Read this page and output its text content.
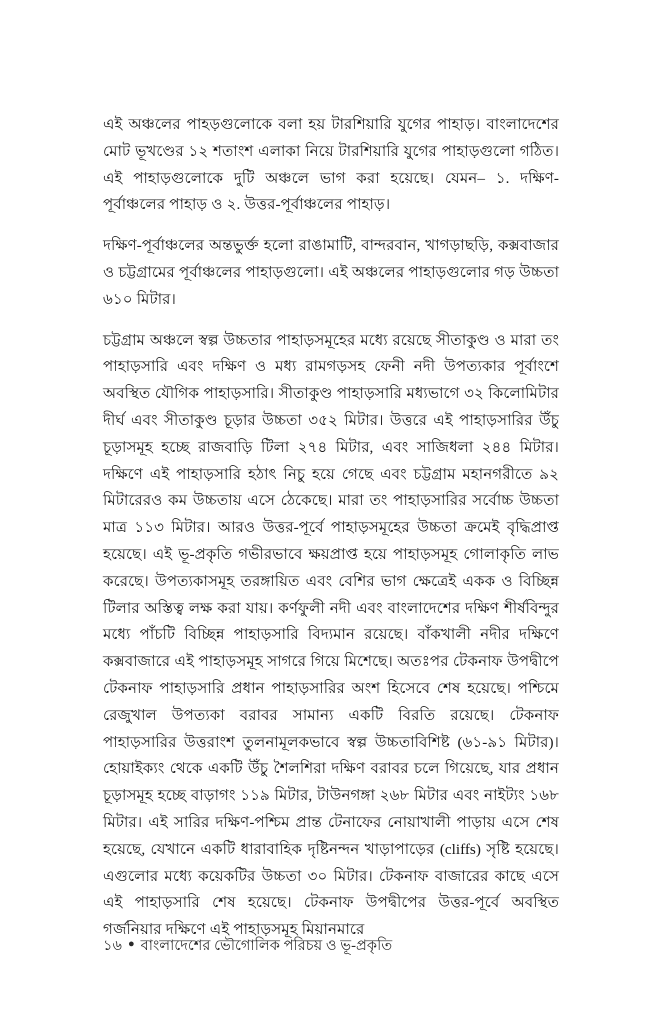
এই অঞ্চলের পাহড়গুলোকে বলা হয় টারশিয়ারি যুগের পাহাড়। বাংলাদেশের মোট ভূখণ্ডের ১২ শতাংশ এলাকা নিয়ে টারশিয়ারি যুগের পাহাড়গুলো গঠিত। এই পাহাড়গুলোকে দুটি অঞ্চলে ভাগ করা হয়েছে। যেমন– ১. দক্ষিণ-পূর্বাঞ্চলের পাহাড় ও ২. উত্তর-পূর্বাঞ্চলের পাহাড়।

দক্ষিণ-পূর্বাঞ্চলের অন্তভুর্ক্ত হলো রাঙামাটি, বান্দরবান, খাগড়াছড়ি, কক্সবাজার ও চট্টগ্রামের পূর্বাঞ্চলের পাহাড়গুলো। এই অঞ্চলের পাহাড়গুলোর গড় উচ্চতা ৬১০ মিটার।

চট্টগ্রাম অঞ্চলে স্বল্প উচ্চতার পাহাড়সমূহের মধ্যে রয়েছে সীতাকুণ্ড ও মারা তং পাহাড়সারি এবং দক্ষিণ ও মধ্য রামগড়সহ ফেনী নদী উপত্যকার পূর্বাংশে অবস্থিত যৌগিক পাহাড়সারি। সীতাকুণ্ড পাহাড়সারি মধ্যভাগে ৩২ কিলোমিটার দীর্ঘ এবং সীতাকুণ্ড চূড়ার উচ্চতা ৩৫২ মিটার। উত্তরে এই পাহাড়সারির উঁচু চূড়াসমূহ হচ্ছে রাজবাড়ি টিলা ২৭৪ মিটার, এবং সাজিধলা ২৪৪ মিটার। দক্ষিণে এই পাহাড়সারি হঠাৎ নিচু হয়ে গেছে এবং চট্টগ্রাম মহানগরীতে ৯২ মিটারেরও কম উচ্চতায় এসে ঠেকেছে। মারা তং পাহাড়সারির সর্বোচ্চ উচ্চতা মাত্র ১১৩ মিটার। আরও উত্তর-পূর্বে পাহাড়সমূহের উচ্চতা ক্রমেই বৃদ্ধিপ্রাপ্ত হয়েছে। এই ভূ-প্রকৃতি গভীরভাবে ক্ষয়প্রাপ্ত হয়ে পাহাড়সমূহ গোলাকৃতি লাভ করেছে। উপত্যকাসমূহ তরঙ্গায়িত এবং বেশির ভাগ ক্ষেত্রেই একক ও বিচ্ছিন্ন টিলার অস্তিত্ব লক্ষ করা যায়। কর্ণফুলী নদী এবং বাংলাদেশের দক্ষিণ শীর্ষবিন্দুর মধ্যে পাঁচটি বিচ্ছিন্ন পাহাড়সারি বিদ্যমান রয়েছে। বাঁকখালী নদীর দক্ষিণে কক্সবাজারে এই পাহাড়সমূহ সাগরে গিয়ে মিশেছে। অতঃপর টেকনাফ উপদ্বীপে টেকনাফ পাহাড়সারি প্রধান পাহাড়সারির অংশ হিসেবে শেষ হয়েছে। পশ্চিমে রেজুখাল উপত্যকা বরাবর সামান্য একটি বিরতি রয়েছে। টেকনাফ পাহাড়সারির উত্তরাংশ তুলনামূলকভাবে স্বল্প উচ্চতাবিশিষ্ট (৬১-৯১ মিটার)। হোয়াইক্যং থেকে একটি উঁচু শৈলশিরা দক্ষিণ বরাবর চলে গিয়েছে, যার প্রধান চূড়াসমূহ হচ্ছে বাড়াগং ১১৯ মিটার, টাউনগঙ্গা ২৬৮ মিটার এবং নাইট্যং ১৬৮ মিটার। এই সারির দক্ষিণ-পশ্চিম প্রান্ত টেনাফের নোয়াখালী পাড়ায় এসে শেষ হয়েছে, যেখানে একটি ধারাবাহিক দৃষ্টিনন্দন খাড়াপাড়ের (cliffs) সৃষ্টি হয়েছে। এগুলোর মধ্যে কয়েকটির উচ্চতা ৩০ মিটার। টেকনাফ বাজারের কাছে এসে এই পাহাড়সারি শেষ হয়েছে। টেকনাফ উপদ্বীপের উত্তর-পূর্বে অবস্থিত গর্জনিয়ার দক্ষিণে এই পাহাড়সমূহ মিয়ানমারে

১৬ ● বাংলাদেশের ভৌগোলিক পরিচয় ও ভূ-প্রকৃতি
